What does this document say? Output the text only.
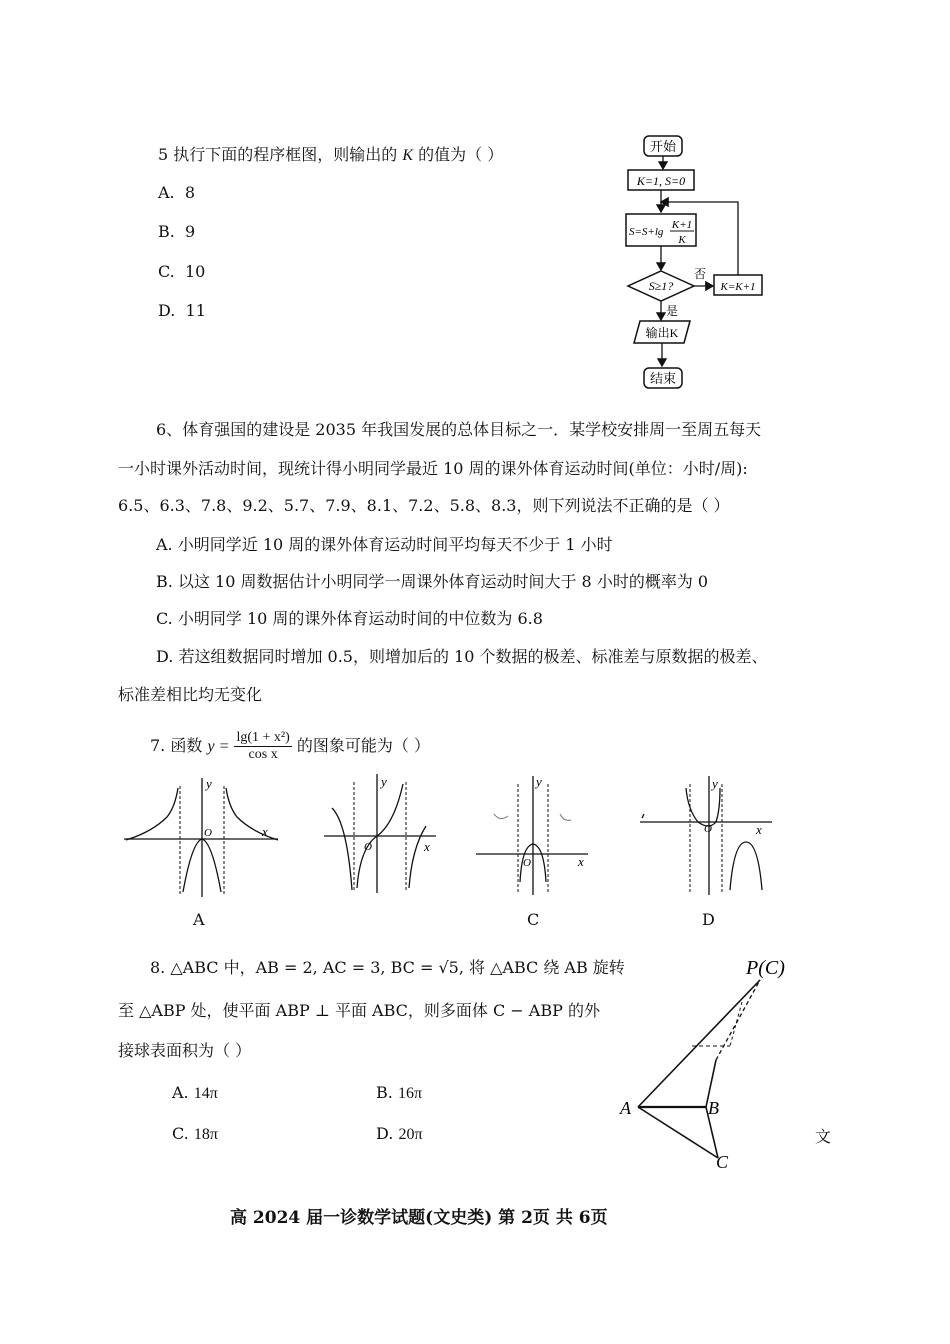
5 执行下面的程序框图，则输出的 K 的值为（ ）
A. 8
B. 9
C. 10
D. 11
开始
K=1, S=0
S=S+lg
K+1
K
S≥1?
否
K=K+1
是
输出K
结束
6、体育强国的建设是 2035 年我国发展的总体目标之一．某学校安排周一至周五每天
一小时课外活动时间，现统计得小明同学最近 10 周的课外体育运动时间(单位：小时/周):
6.5、6.3、7.8、9.2、5.7、7.9、8.1、7.2、5.8、8.3，则下列说法不正确的是（ ）
A. 小明同学近 10 周的课外体育运动时间平均每天不少于 1 小时
B. 以这 10 周数据估计小明同学一周课外体育运动时间大于 8 小时的概率为 0
C. 小明同学 10 周的课外体育运动时间的中位数为 6.8
D. 若这组数据同时增加 0.5，则增加后的 10 个数据的极差、标准差与原数据的极差、
标准差相比均无变化
7. 函数 $y = \frac{\text{lg(1 + x²)}}{\text{cos x}}$ 的图象可能为（ ）
y
x
O
A
y
x
O
y
x
O
C
y
x
O
D
8. △ABC 中，AB = 2, AC = 3, BC = √5, 将 △ABC 绕 AB 旋转
至 △ABP 处，使平面 ABP ⊥ 平面 ABC，则多面体 C − ABP 的外
接球表面积为（ ）
A. 14π	B. 16π
C. 18π	D. 20π
P(C)
A	B
C
文
高 2024 届一诊数学试题(文史类) 第 2页 共 6页
